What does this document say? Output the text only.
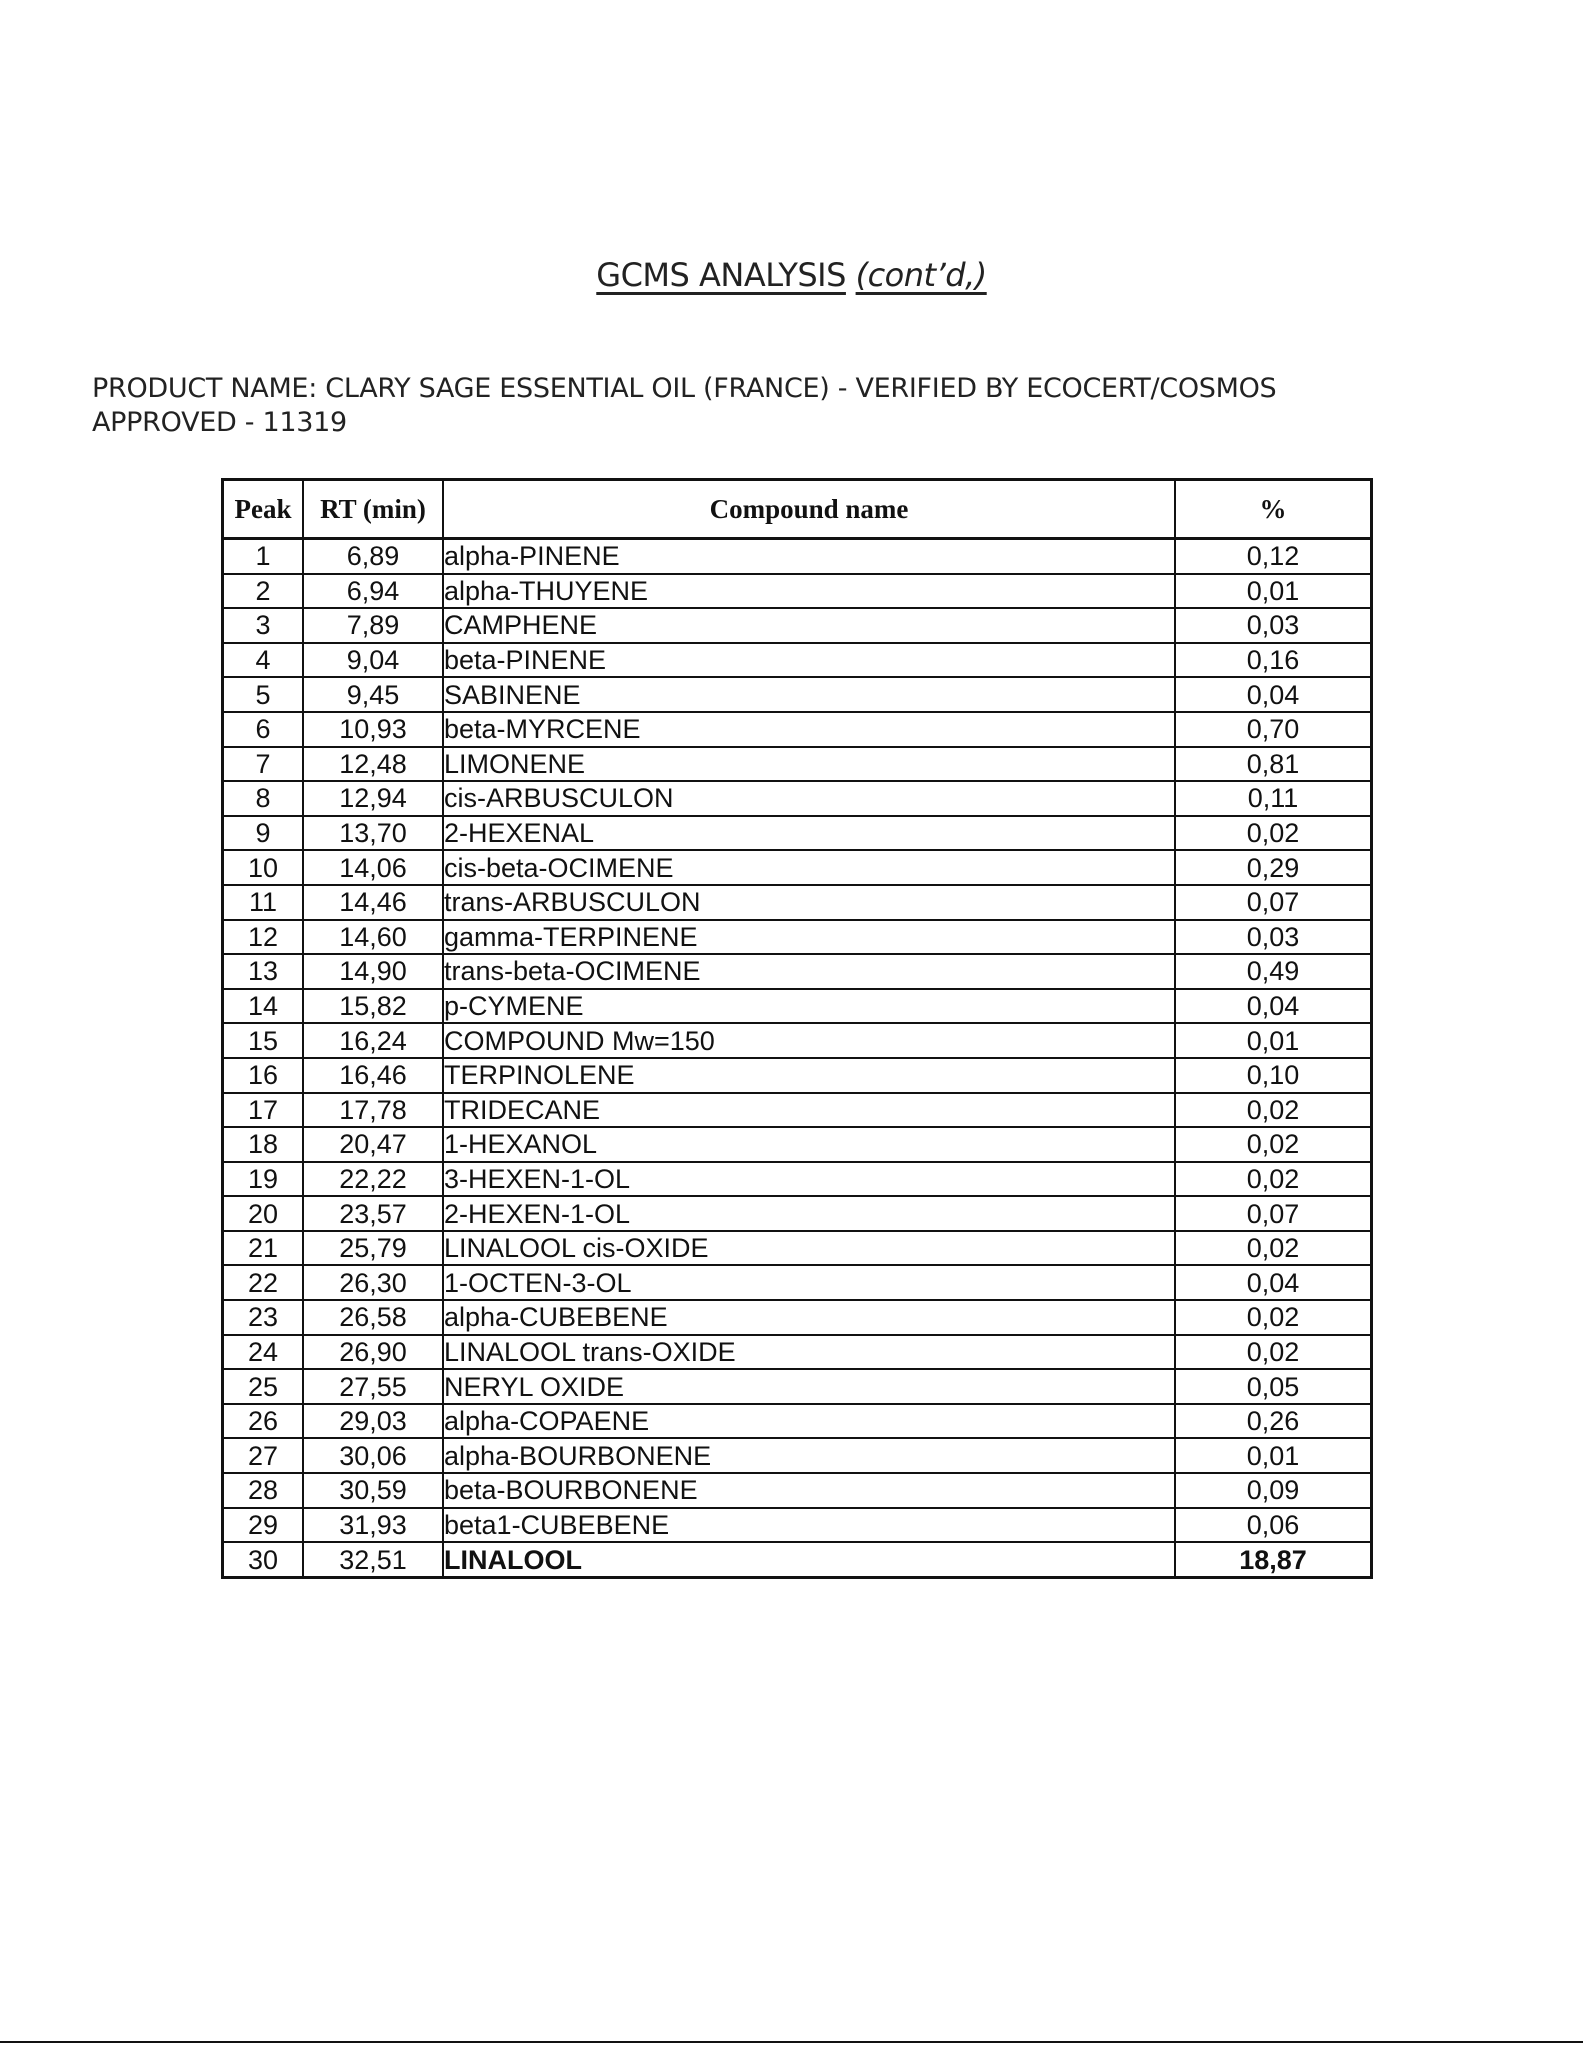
GCMS ANALYSIS (cont’d,)
PRODUCT NAME: CLARY SAGE ESSENTIAL OIL (FRANCE) - VERIFIED BY ECOCERT/COSMOS
APPROVED - 11319
Peak	RT (min)	Compound name	%
1	6,89	alpha-PINENE	0,12
2	6,94	alpha-THUYENE	0,01
3	7,89	CAMPHENE	0,03
4	9,04	beta-PINENE	0,16
5	9,45	SABINENE	0,04
6	10,93	beta-MYRCENE	0,70
7	12,48	LIMONENE	0,81
8	12,94	cis-ARBUSCULON	0,11
9	13,70	2-HEXENAL	0,02
10	14,06	cis-beta-OCIMENE	0,29
11	14,46	trans-ARBUSCULON	0,07
12	14,60	gamma-TERPINENE	0,03
13	14,90	trans-beta-OCIMENE	0,49
14	15,82	p-CYMENE	0,04
15	16,24	COMPOUND Mw=150	0,01
16	16,46	TERPINOLENE	0,10
17	17,78	TRIDECANE	0,02
18	20,47	1-HEXANOL	0,02
19	22,22	3-HEXEN-1-OL	0,02
20	23,57	2-HEXEN-1-OL	0,07
21	25,79	LINALOOL cis-OXIDE	0,02
22	26,30	1-OCTEN-3-OL	0,04
23	26,58	alpha-CUBEBENE	0,02
24	26,90	LINALOOL trans-OXIDE	0,02
25	27,55	NERYL OXIDE	0,05
26	29,03	alpha-COPAENE	0,26
27	30,06	alpha-BOURBONENE	0,01
28	30,59	beta-BOURBONENE	0,09
29	31,93	beta1-CUBEBENE	0,06
30	32,51	LINALOOL	18,87
